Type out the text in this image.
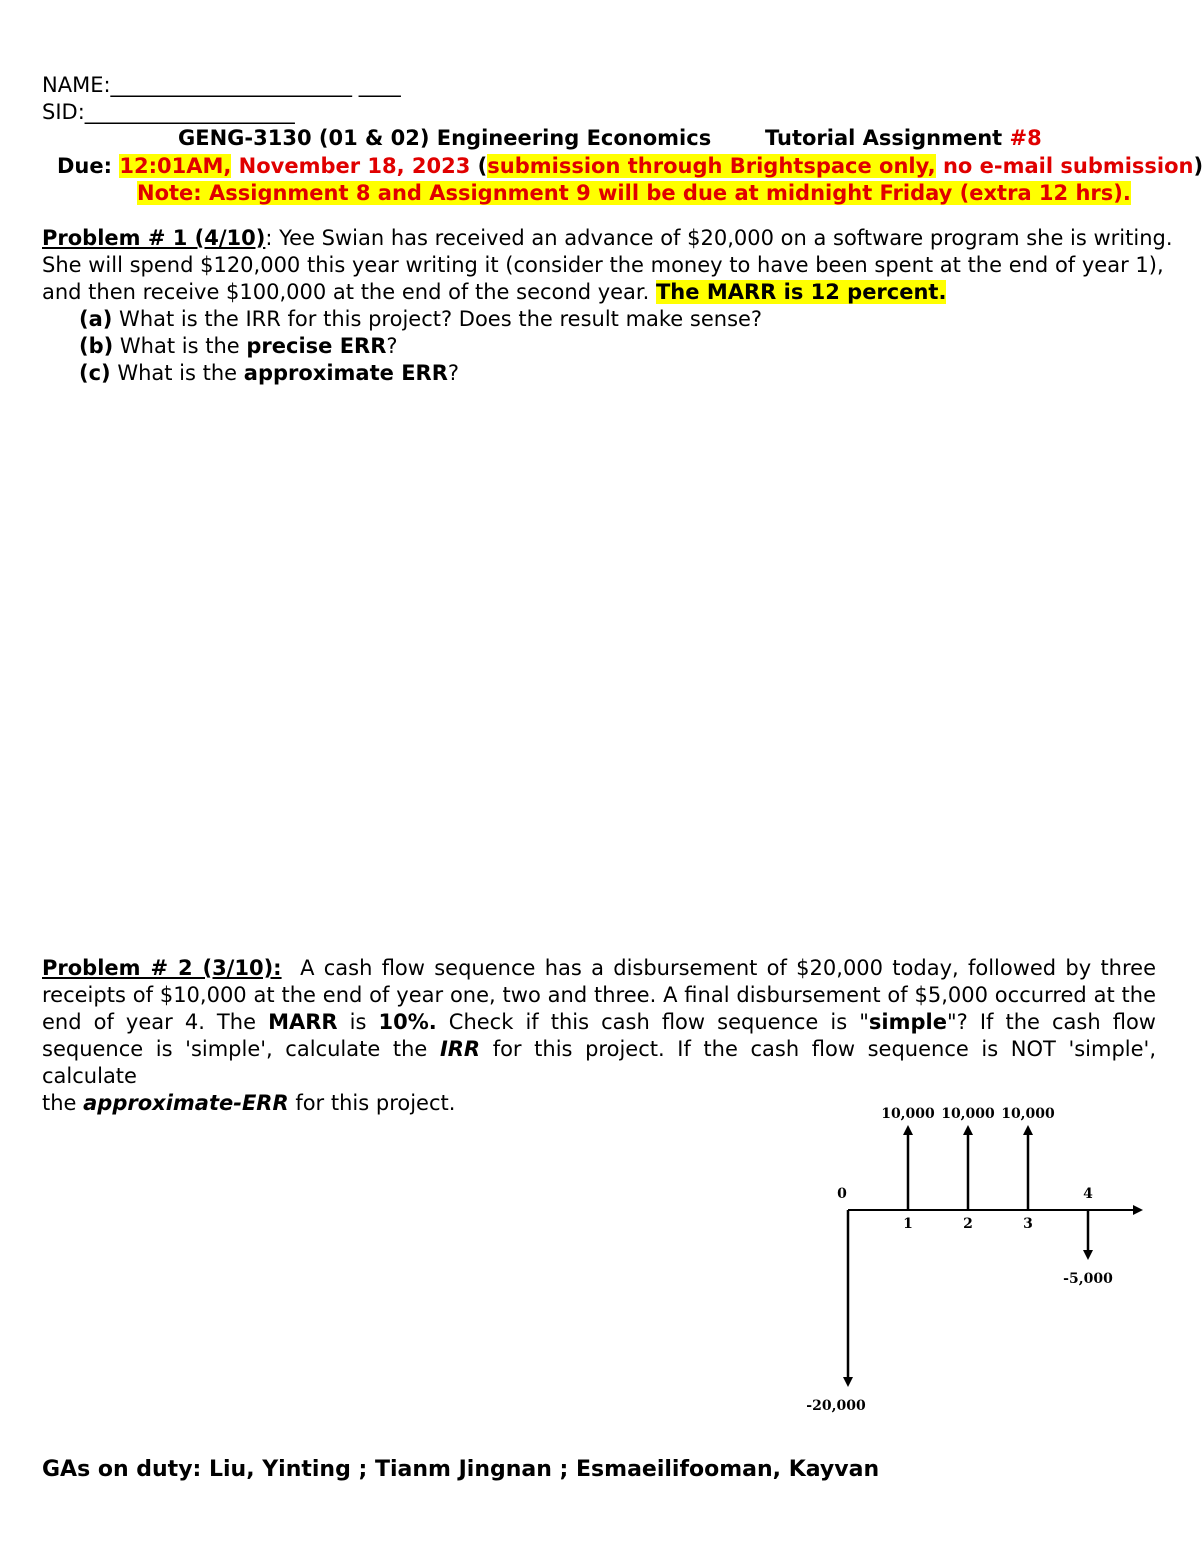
NAME:_______________________ ____
SID:____________________
GENG-3130 (01 & 02) Engineering Economics	Tutorial Assignment #8
Due: 12:01AM, November 18, 2023 (submission through Brightspace only, no e-mail submission)
Note: Assignment 8 and Assignment 9 will be due at midnight Friday (extra 12 hrs).
Problem # 1 (4/10): Yee Swian has received an advance of $20,000 on a software program she is writing.
She will spend $120,000 this year writing it (consider the money to have been spent at the end of year 1),
and then receive $100,000 at the end of the second year. The MARR is 12 percent.
(a) What is the IRR for this project? Does the result make sense?
(b) What is the precise ERR?
(c) What is the approximate ERR?
Problem # 2 (3/10):  A cash flow sequence has a disbursement of $20,000 today, followed by three
receipts of $10,000 at the end of year one, two and three. A final disbursement of $5,000 occurred at the
end of year 4. The MARR is 10%. Check if this cash flow sequence is "simple"? If the cash flow
sequence is 'simple', calculate the IRR for this project. If the cash flow sequence is NOT 'simple', calculate
the approximate-ERR for this project.
0
1	2	3
4
-20,000
10,000 10,000 10,000
-5,000
GAs on duty: Liu, Yinting ; Tianm Jingnan ; Esmaeilifooman, Kayvan
